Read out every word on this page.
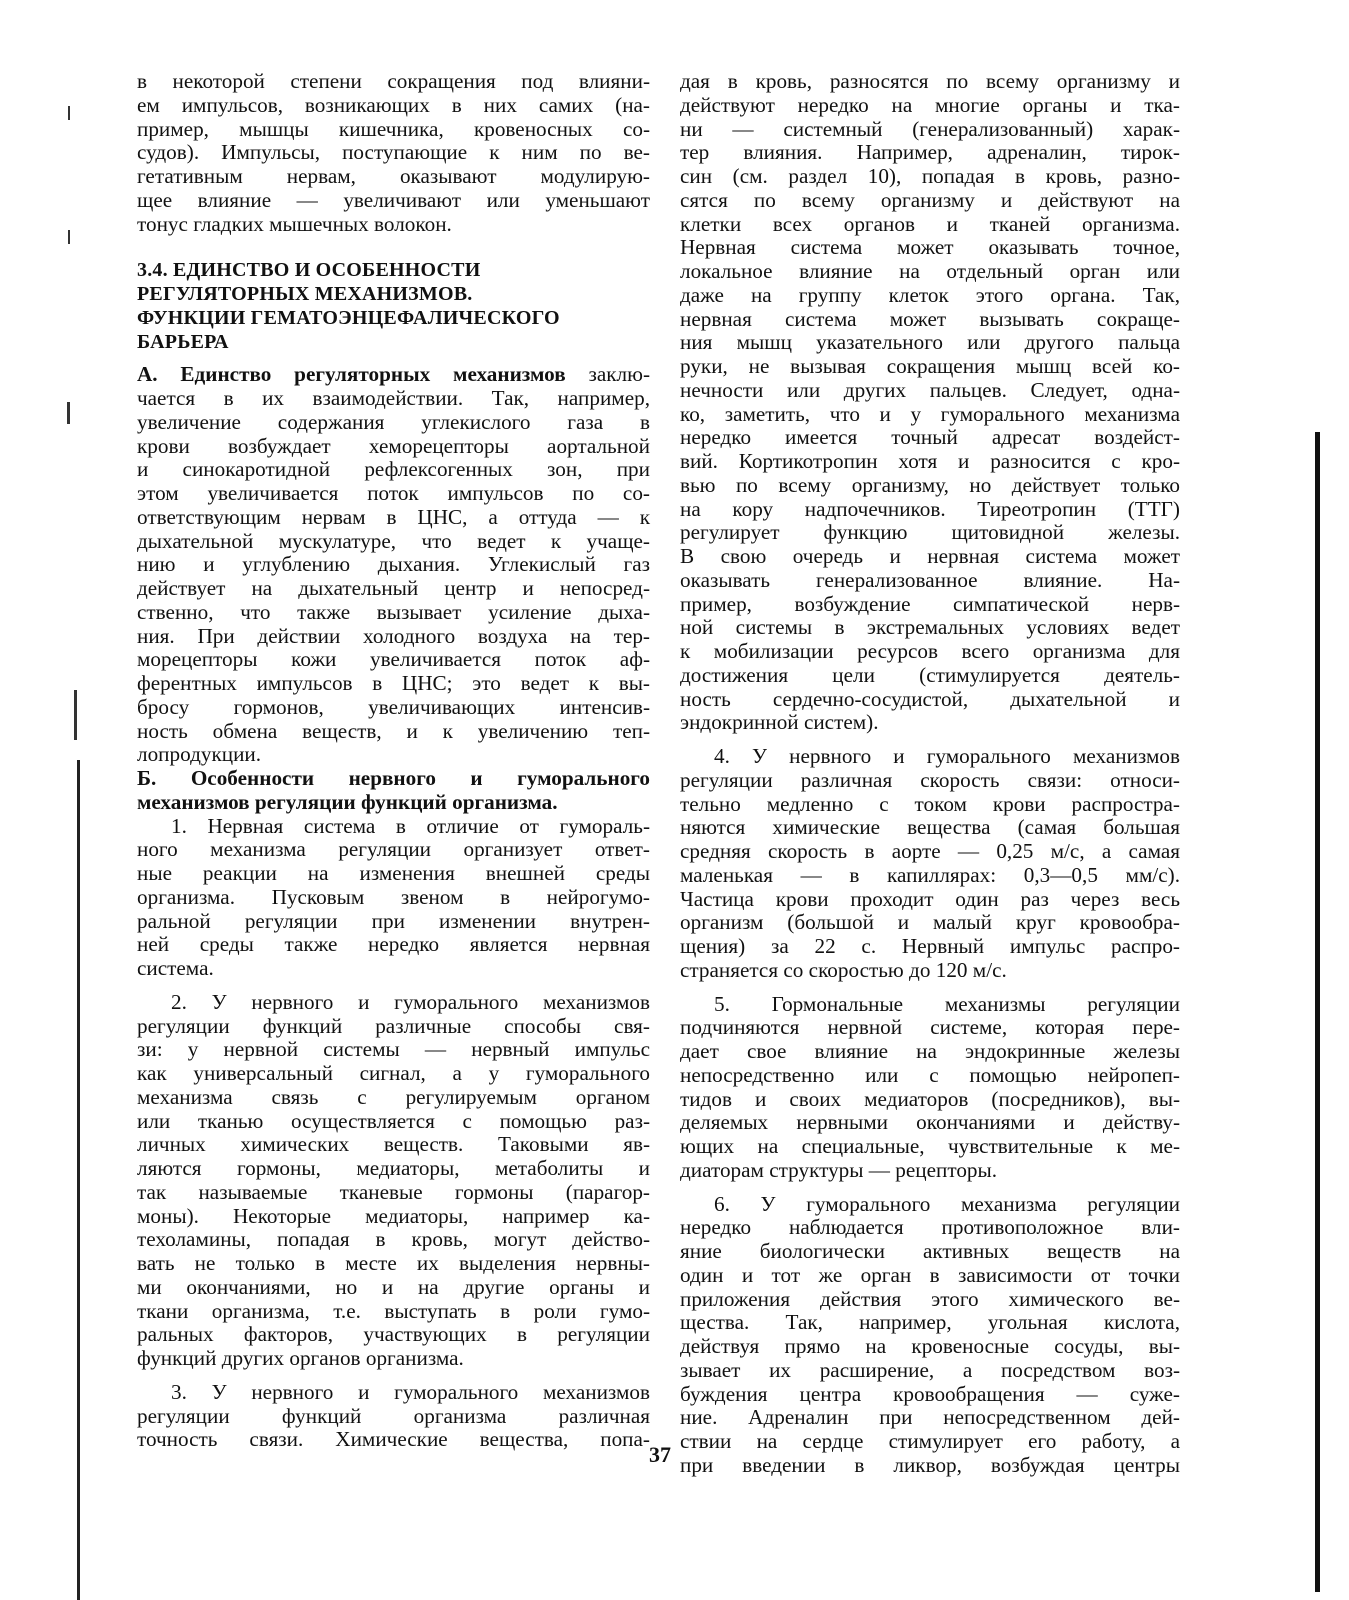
в некоторой степени сокращения под влияни-
ем импульсов, возникающих в них самих (на-
пример, мышцы кишечника, кровеносных со-
судов). Импульсы, поступающие к ним по ве-
гетативным нервам, оказывают модулирую-
щее влияние — увеличивают или уменьшают
тонус гладких мышечных волокон.
3.4. ЕДИНСТВО И ОСОБЕННОСТИ
РЕГУЛЯТОРНЫХ МЕХАНИЗМОВ.
ФУНКЦИИ ГЕМАТОЭНЦЕФАЛИЧЕСКОГО
БАРЬЕРА
А. Единство регуляторных механизмов заклю-
чается в их взаимодействии. Так, например,
увеличение содержания углекислого газа в
крови возбуждает хеморецепторы аортальной
и синокаротидной рефлексогенных зон, при
этом увеличивается поток импульсов по со-
ответствующим нервам в ЦНС, а оттуда — к
дыхательной мускулатуре, что ведет к учаще-
нию и углублению дыхания. Углекислый газ
действует на дыхательный центр и непосред-
ственно, что также вызывает усиление дыха-
ния. При действии холодного воздуха на тер-
морецепторы кожи увеличивается поток аф-
ферентных импульсов в ЦНС; это ведет к вы-
бросу гормонов, увеличивающих интенсив-
ность обмена веществ, и к увеличению теп-
лопродукции.
Б. Особенности нервного и гуморального
механизмов регуляции функций организма.
1. Нервная система в отличие от гумораль-
ного механизма регуляции организует ответ-
ные реакции на изменения внешней среды
организма. Пусковым звеном в нейрогумо-
ральной регуляции при изменении внутрен-
ней среды также нередко является нервная
система.
2. У нервного и гуморального механизмов
регуляции функций различные способы свя-
зи: у нервной системы — нервный импульс
как универсальный сигнал, а у гуморального
механизма связь с регулируемым органом
или тканью осуществляется с помощью раз-
личных химических веществ. Таковыми яв-
ляются гормоны, медиаторы, метаболиты и
так называемые тканевые гормоны (парагор-
моны). Некоторые медиаторы, например ка-
техоламины, попадая в кровь, могут действо-
вать не только в месте их выделения нервны-
ми окончаниями, но и на другие органы и
ткани организма, т.е. выступать в роли гумо-
ральных факторов, участвующих в регуляции
функций других органов организма.
3. У нервного и гуморального механизмов
регуляции функций организма различная
точность связи. Химические вещества, попа-
дая в кровь, разносятся по всему организму и
действуют нередко на многие органы и тка-
ни — системный (генерализованный) харак-
тер влияния. Например, адреналин, тирок-
син (см. раздел 10), попадая в кровь, разно-
сятся по всему организму и действуют на
клетки всех органов и тканей организма.
Нервная система может оказывать точное,
локальное влияние на отдельный орган или
даже на группу клеток этого органа. Так,
нервная система может вызывать сокраще-
ния мышц указательного или другого пальца
руки, не вызывая сокращения мышц всей ко-
нечности или других пальцев. Следует, одна-
ко, заметить, что и у гуморального механизма
нередко имеется точный адресат воздейст-
вий. Кортикотропин хотя и разносится с кро-
вью по всему организму, но действует только
на кору надпочечников. Тиреотропин (ТТГ)
регулирует функцию щитовидной железы.
В свою очередь и нервная система может
оказывать генерализованное влияние. На-
пример, возбуждение симпатической нерв-
ной системы в экстремальных условиях ведет
к мобилизации ресурсов всего организма для
достижения цели (стимулируется деятель-
ность сердечно-сосудистой, дыхательной и
эндокринной систем).
4. У нервного и гуморального механизмов
регуляции различная скорость связи: относи-
тельно медленно с током крови распростра-
няются химические вещества (самая большая
средняя скорость в аорте — 0,25 м/с, а самая
маленькая — в капиллярах: 0,3—0,5 мм/с).
Частица крови проходит один раз через весь
организм (большой и малый круг кровообра-
щения) за 22 с. Нервный импульс распро-
страняется со скоростью до 120 м/с.
5. Гормональные механизмы регуляции
подчиняются нервной системе, которая пере-
дает свое влияние на эндокринные железы
непосредственно или с помощью нейропеп-
тидов и своих медиаторов (посредников), вы-
деляемых нервными окончаниями и действу-
ющих на специальные, чувствительные к ме-
диаторам структуры — рецепторы.
6. У гуморального механизма регуляции
нередко наблюдается противоположное вли-
яние биологически активных веществ на
один и тот же орган в зависимости от точки
приложения действия этого химического ве-
щества. Так, например, угольная кислота,
действуя прямо на кровеносные сосуды, вы-
зывает их расширение, а посредством воз-
буждения центра кровообращения — суже-
ние. Адреналин при непосредственном дей-
ствии на сердце стимулирует его работу, а
при введении в ликвор, возбуждая центры
37
